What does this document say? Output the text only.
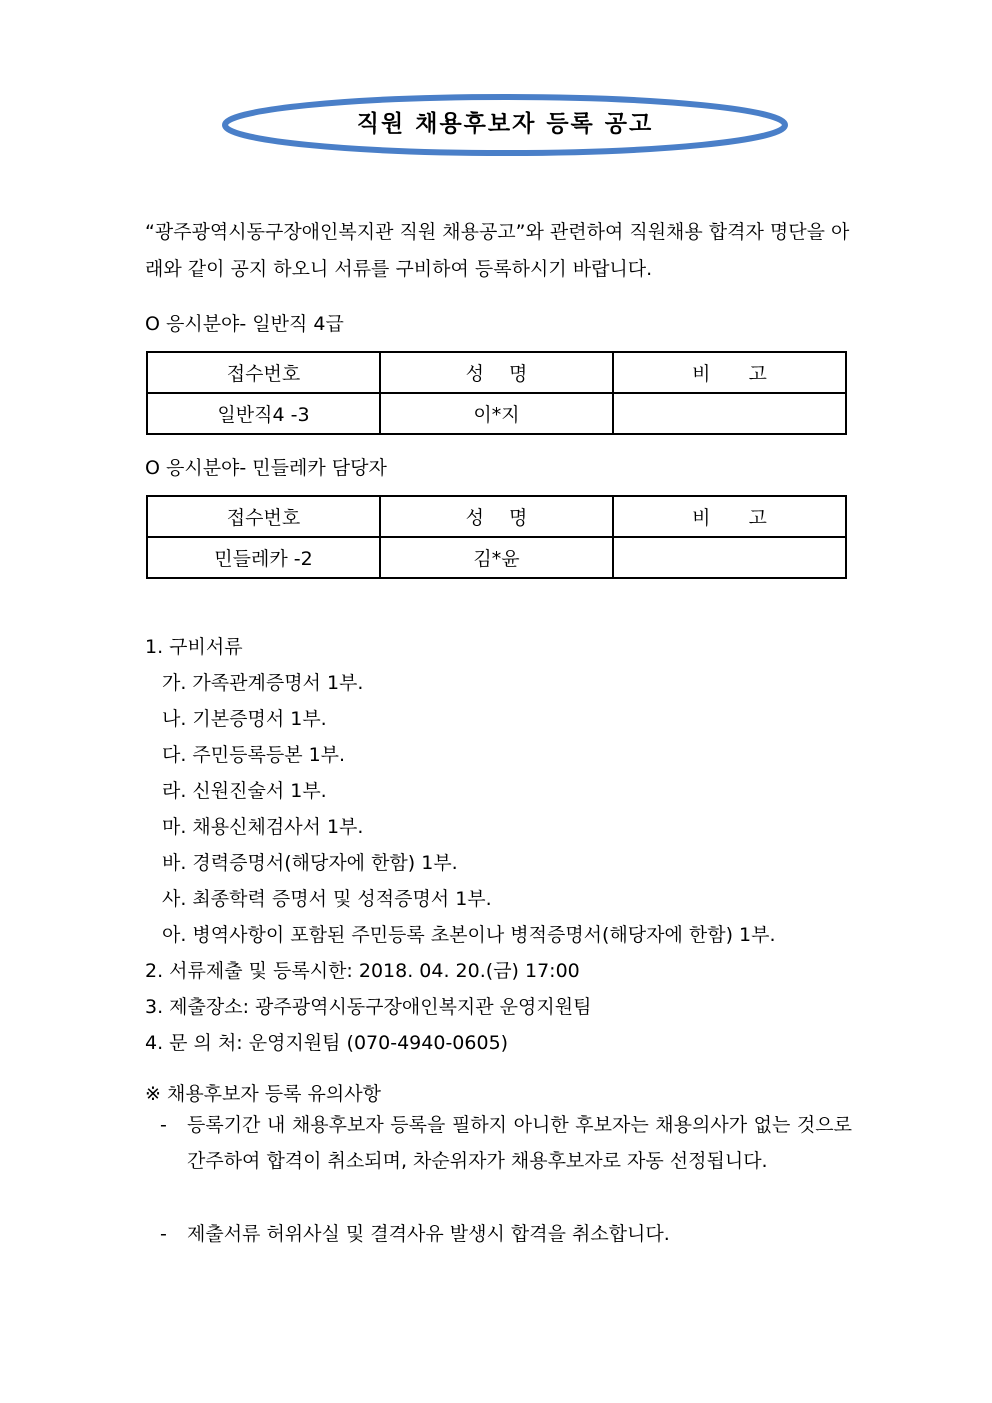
직원 채용후보자 등록 공고
“광주광역시동구장애인복지관 직원 채용공고”와 관련하여 직원채용 합격자 명단을 아래와 같이 공지 하오니 서류를 구비하여 등록하시기 바랍니다.
O 응시분야- 일반직 4급
접수번호	성　 명	비　　고
일반직4 -3	이*지	
O 응시분야- 민들레카 담당자
접수번호	성　 명	비　　고
민들레카 -2	김*윤	
1. 구비서류
가. 가족관계증명서 1부.
나. 기본증명서 1부.
다. 주민등록등본 1부.
라. 신원진술서 1부.
마. 채용신체검사서 1부.
바. 경력증명서(해당자에 한함) 1부.
사. 최종학력 증명서 및 성적증명서 1부.
아. 병역사항이 포함된 주민등록 초본이나 병적증명서(해당자에 한함) 1부.
2. 서류제출 및 등록시한: 2018. 04. 20.(금) 17:00
3. 제출장소: 광주광역시동구장애인복지관 운영지원팀
4. 문 의 처: 운영지원팀 (070-4940-0605)
※ 채용후보자 등록 유의사항
- 등록기간 내 채용후보자 등록을 필하지 아니한 후보자는 채용의사가 없는 것으로 간주하여 합격이 취소되며, 차순위자가 채용후보자로 자동 선정됩니다.
- 제출서류 허위사실 및 결격사유 발생시 합격을 취소합니다.
